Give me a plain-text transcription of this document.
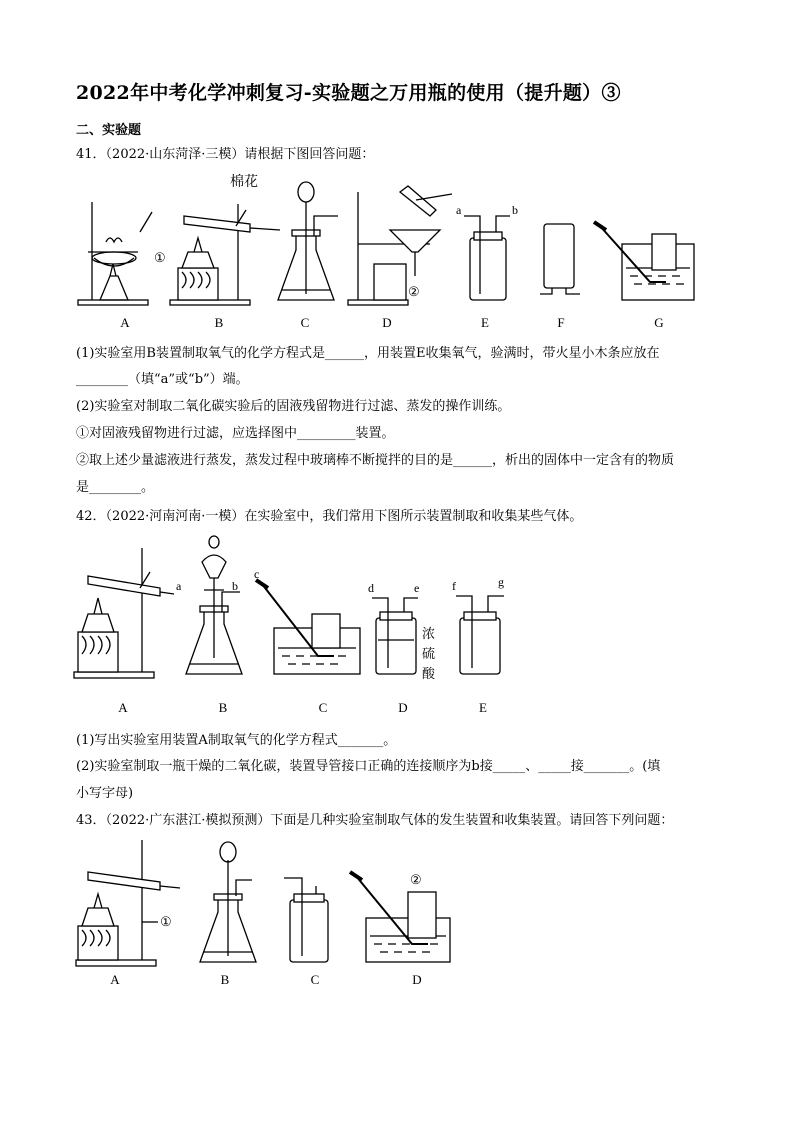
2022年中考化学冲刺复习-实验题之万用瓶的使用（提升题）③
二、实验题
41．（2022·山东菏泽·三模）请根据下图回答问题：
棉花
①
②
a	b
A	B	C	D	E	F	G
(1)实验室用B装置制取氧气的化学方程式是______，用装置E收集氧气，验满时，带火星小木条应放在
________（填“a”或“b”）端。
(2)实验室对制取二氧化碳实验后的固液残留物进行过滤、蒸发的操作训练。
①对固液残留物进行过滤，应选择图中_________装置。
②取上述少量滤液进行蒸发，蒸发过程中玻璃棒不断搅拌的目的是______，析出的固体中一定含有的物质
是________。
42．（2022·河南河南·一模）在实验室中，我们常用下图所示装置制取和收集某些气体。
a	b
c
d	e	f	g
浓
硫
酸
A	B	C	D	E
(1)写出实验室用装置A制取氧气的化学方程式_______。
(2)实验室制取一瓶干燥的二氧化碳，装置导管接口正确的连接顺序为b接_____、_____接_______。(填
小写字母)
43．（2022·广东湛江·模拟预测）下面是几种实验室制取气体的发生装置和收集装置。请回答下列问题：
①
②
A	B	C	D
